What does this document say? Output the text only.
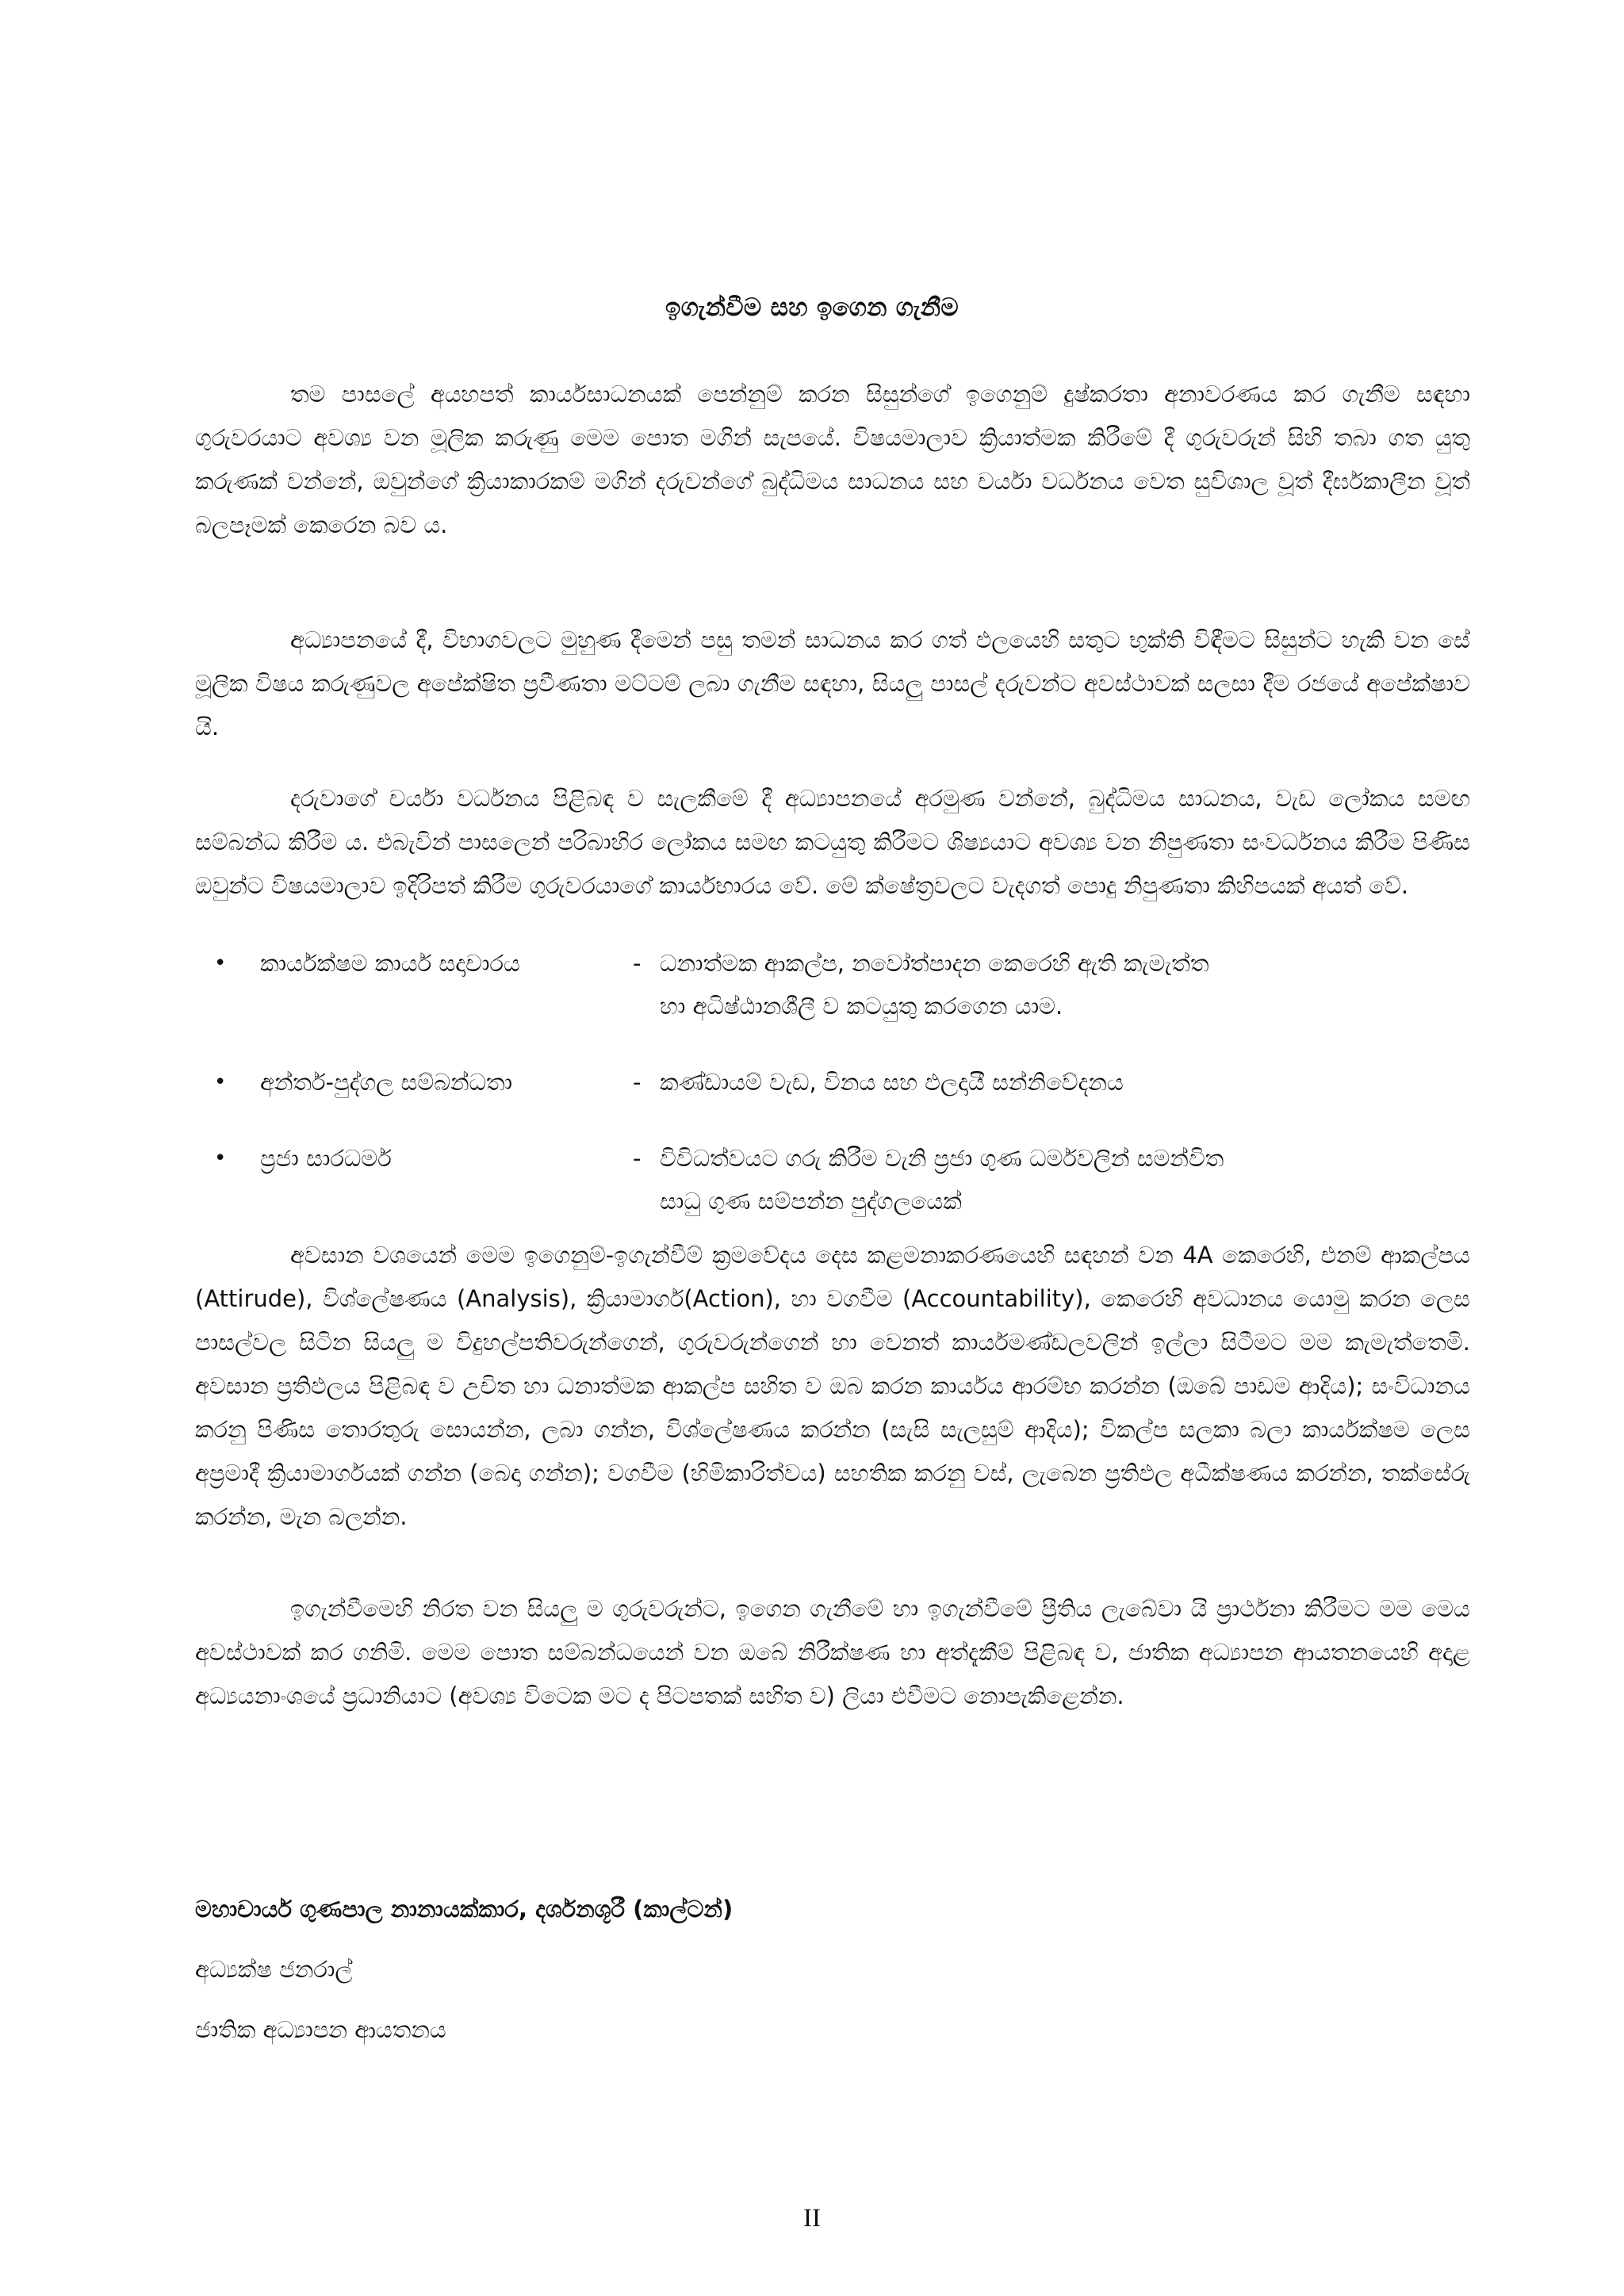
ඉගැන්වීම සහ ඉගෙන ගැනීම

තම පාසලේ අයහපත් කාර්යසාධනයක් පෙන්නුම් කරන සිසුන්ගේ ඉගෙනුම් දුෂ්කරතා අනාවරණය කර ගැනීම සඳහා ගුරුවරයාට අවශ්‍ය වන මූලික කරුණු මෙම පොත මගින් සැපයේ. විෂයමාලාව ක්‍රියාත්මක කිරීමේ දී ගුරුවරුන් සිහි තබා ගත යුතු කරුණක් වන්නේ, ඔවුන්ගේ ක්‍රියාකාරකම් මගින් දරුවන්ගේ බුද්ධිමය සාධනය සහ චර්යා වර්ධනය වෙත සුවිශාල වූත් දීර්ඝකාලීන වූත් බලපෑමක් කෙරෙන බව ය.

අධ්‍යාපනයේ දී, විභාගවලට මුහුණ දීමෙන් පසු තමන් සාධනය කර ගත් ඵලයෙහි සතුට භුක්ති විඳීමට සිසුන්ට හැකි වන සේ මූලික විෂය කරුණුවල අපේක්ෂිත ප්‍රවීණතා මට්ටම් ලබා ගැනීම සඳහා, සියලු පාසල් දරුවන්ට අවස්ථාවක් සලසා දීම රජයේ අපේක්ෂාව යි.

දරුවාගේ චර්යා වර්ධනය පිළිබඳ ව සැලකීමේ දී අධ්‍යාපනයේ අරමුණ වන්නේ, බුද්ධිමය සාධනය, වැඩ ලෝකය සමඟ සම්බන්ධ කිරීම ය. එබැවින් පාසලෙන් පරිබාහිර ලෝකය සමඟ කටයුතු කිරීමට ශිෂ්‍යයාට අවශ්‍ය වන නිපුණතා සංවර්ධනය කිරීම පිණිස ඔවුන්ට විෂයමාලාව ඉදිරිපත් කිරීම ගුරුවරයාගේ කාර්යභාරය වේ. මේ ක්ෂේත්‍රවලට වැදගත් පොදු නිපුණතා කිහිපයක් අයත් වේ.

•	කාර්යක්ෂම කාර්ය සදාචාරය	- ධනාත්මක ආකල්ප, නවෝත්පාදන කෙරෙහි ඇති කැමැත්ත
හා අධිෂ්ඨානශීලී ව කටයුතු කරගෙන යාම.
•	අන්තර්-පුද්ගල සම්බන්ධතා	- කණ්ඩායම් වැඩ, විනය සහ ඵලදායී සන්නිවේදනය
•	ප්‍රජා සාරධර්ම	- විවිධත්වයට ගරු කිරීම වැනි ප්‍රජා ගුණ ධර්මවලින් සමන්විත
සාධු ගුණ සම්පන්න පුද්ගලයෙක්

අවසාන වශයෙන් මෙම ඉගෙනුම්-ඉගැන්වීම් ක්‍රමවේදය දෙස කළමනාකරණයෙහි සඳහන් වන 4A කෙරෙහි, එනම් ආකල්පය (Attirude), විශ්ලේෂණය (Analysis), ක්‍රියාමාර්ග(Action), හා වගවීම (Accountability), කෙරෙහි අවධානය යොමු කරන ලෙස පාසල්වල සිටින සියලු ම විදුහල්පතිවරුන්ගෙන්, ගුරුවරුන්ගෙන් හා වෙනත් කාර්යමණ්ඩලවලින් ඉල්ලා සිටීමට මම කැමැත්තෙමි. අවසාන ප්‍රතිඵලය පිළිබඳ ව උචිත හා ධනාත්මක ආකල්ප සහිත ව ඔබ කරන කාර්යය ආරම්භ කරන්න (ඔබේ පාඩම ආදිය); සංවිධානය කරනු පිණිස තොරතුරු සොයන්න, ලබා ගන්න, විශ්ලේෂණය කරන්න (සැසි සැලසුම් ආදිය); විකල්ප සලකා බලා කාර්යක්ෂම ලෙස අප්‍රමාදී ක්‍රියාමාර්ගයක් ගන්න (බෙදා ගන්න); වගවීම (හිමිකාරිත්වය) සහතික කරනු වස්, ලැබෙන ප්‍රතිඵල අධීක්ෂණය කරන්න, තක්සේරු කරන්න, මැන බලන්න.

ඉගැන්වීමෙහි නිරත වන සියලු ම ගුරුවරුන්ට, ඉගෙන ගැනීමේ හා ඉගැන්වීමේ ප්‍රීතිය ලැබේවා යි ප්‍රාර්ථනා කිරීමට මම මෙය අවස්ථාවක් කර ගනිමි. මෙම පොත සම්බන්ධයෙන් වන ඔබේ නිරීක්ෂණ හා අත්දැකීම් පිළිබඳ ව, ජාතික අධ්‍යාපන ආයතනයෙහි අදාළ අධ්‍යයනාංශයේ ප්‍රධානියාට (අවශ්‍ය විටෙක මට ද පිටපතක් සහිත ව) ලියා එවීමට නොපැකිළෙන්න.

මහාචාර්ය ගුණපාල නානායක්කාර, දර්ශනශූරී (කාල්ටන්)
අධ්‍යක්ෂ ජනරාල්
ජාතික අධ්‍යාපන ආයතනය
II
